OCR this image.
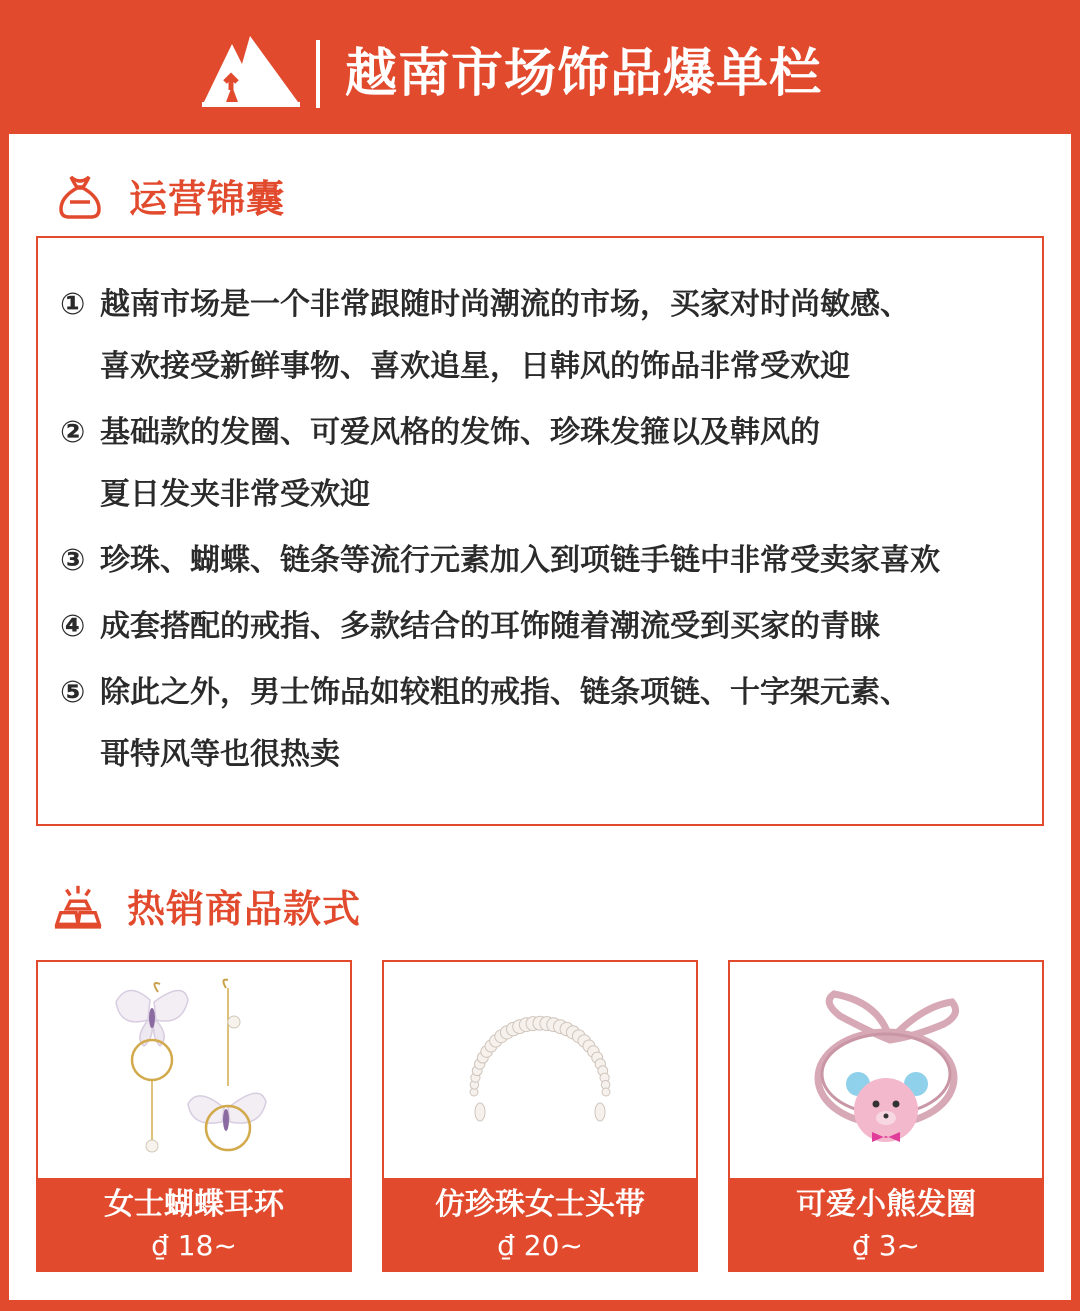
越南市场饰品爆单栏
运营锦囊
① 越南市场是一个非常跟随时尚潮流的市场，买家对时尚敏感、
喜欢接受新鲜事物、喜欢追星，日韩风的饰品非常受欢迎
② 基础款的发圈、可爱风格的发饰、珍珠发箍以及韩风的
夏日发夹非常受欢迎
③ 珍珠、蝴蝶、链条等流行元素加入到项链手链中非常受卖家喜欢
④ 成套搭配的戒指、多款结合的耳饰随着潮流受到买家的青睐
⑤ 除此之外，男士饰品如较粗的戒指、链条项链、十字架元素、
哥特风等也很热卖
热销商品款式
女士蝴蝶耳环
₫ 18~
仿珍珠女士头带
₫ 20~
可爱小熊发圈
₫ 3~
